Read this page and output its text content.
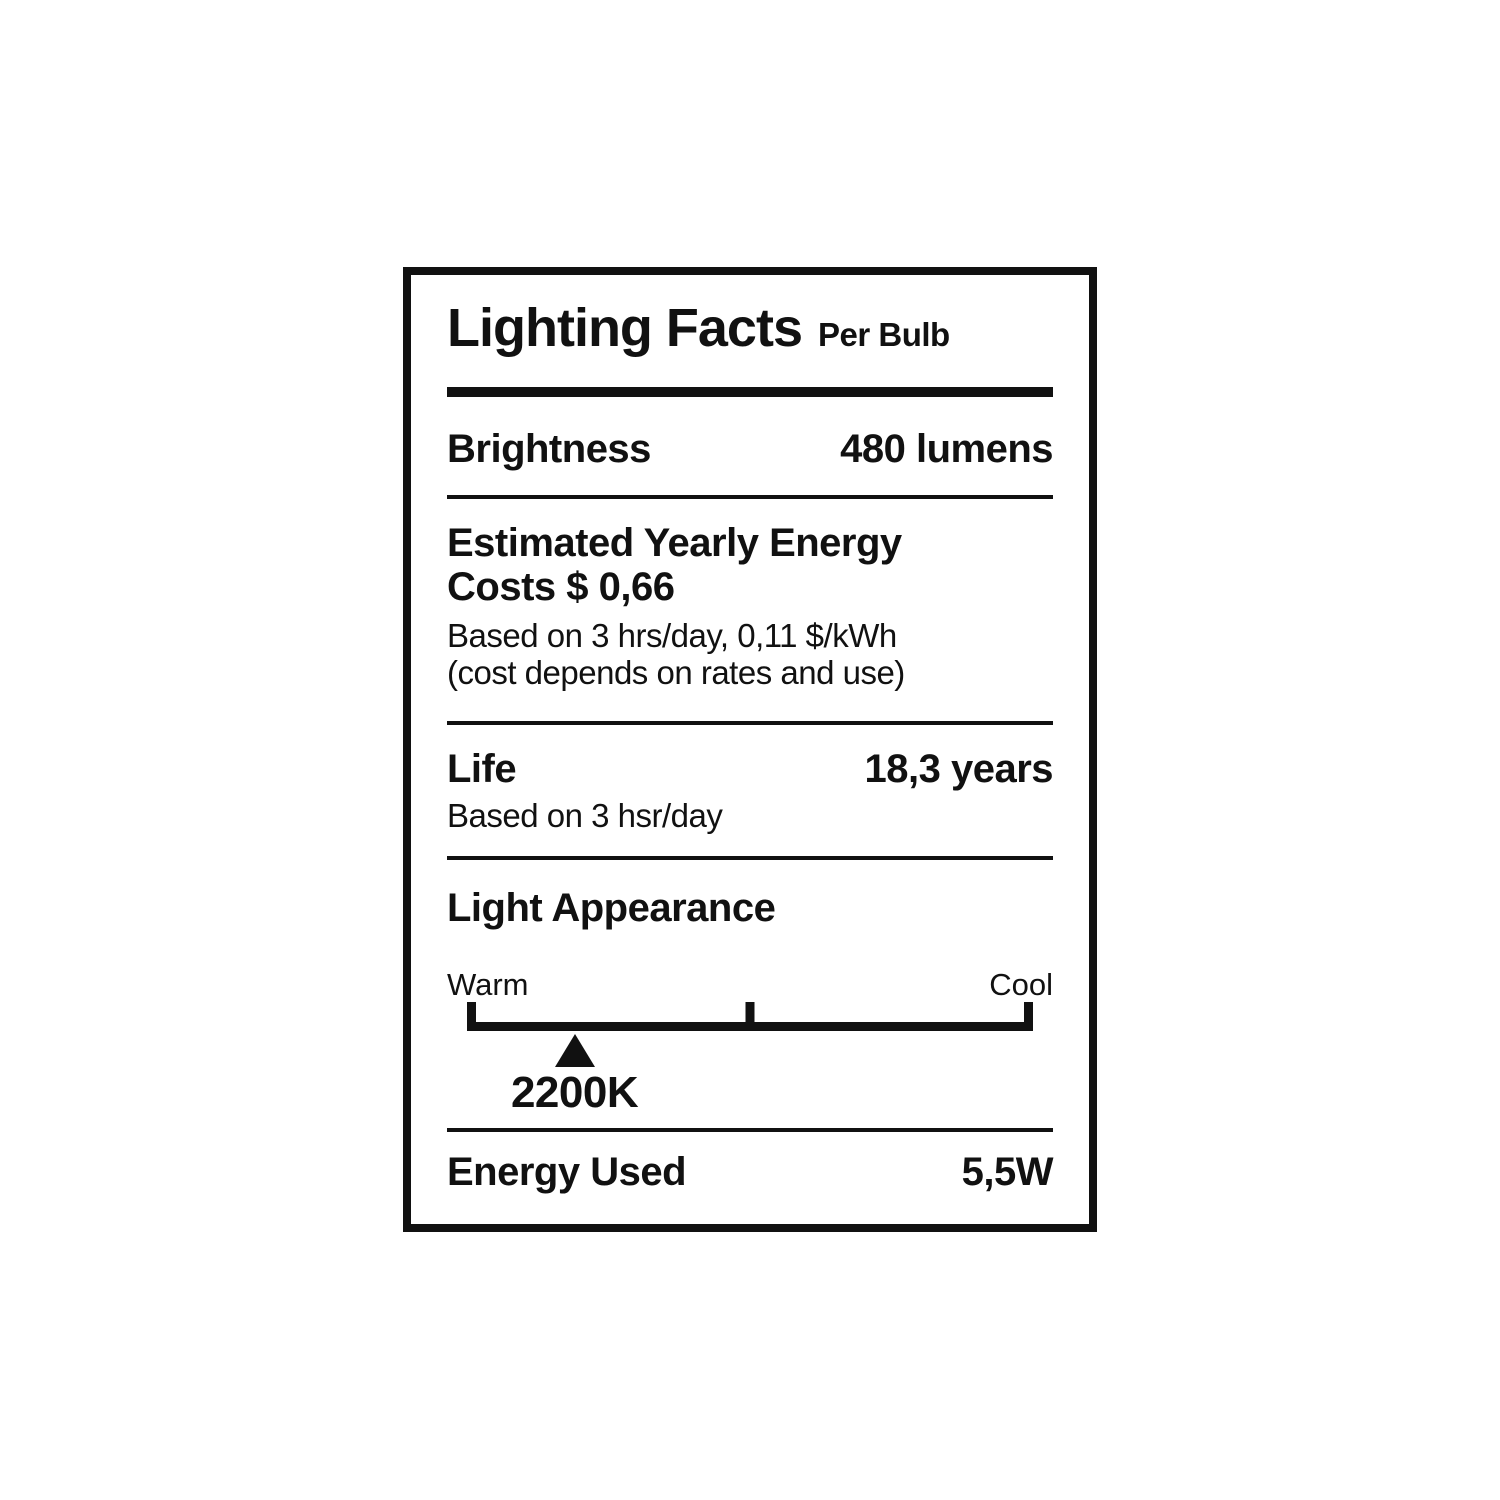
Lighting Facts Per Bulb
Brightness	480 lumens
Estimated Yearly Energy
Costs $ 0,66
Based on 3 hrs/day, 0,11 $/kWh
(cost depends on rates and use)
Life	18,3 years
Based on 3 hsr/day
Light Appearance
Warm	Cool
2200K
Energy Used	5,5W
